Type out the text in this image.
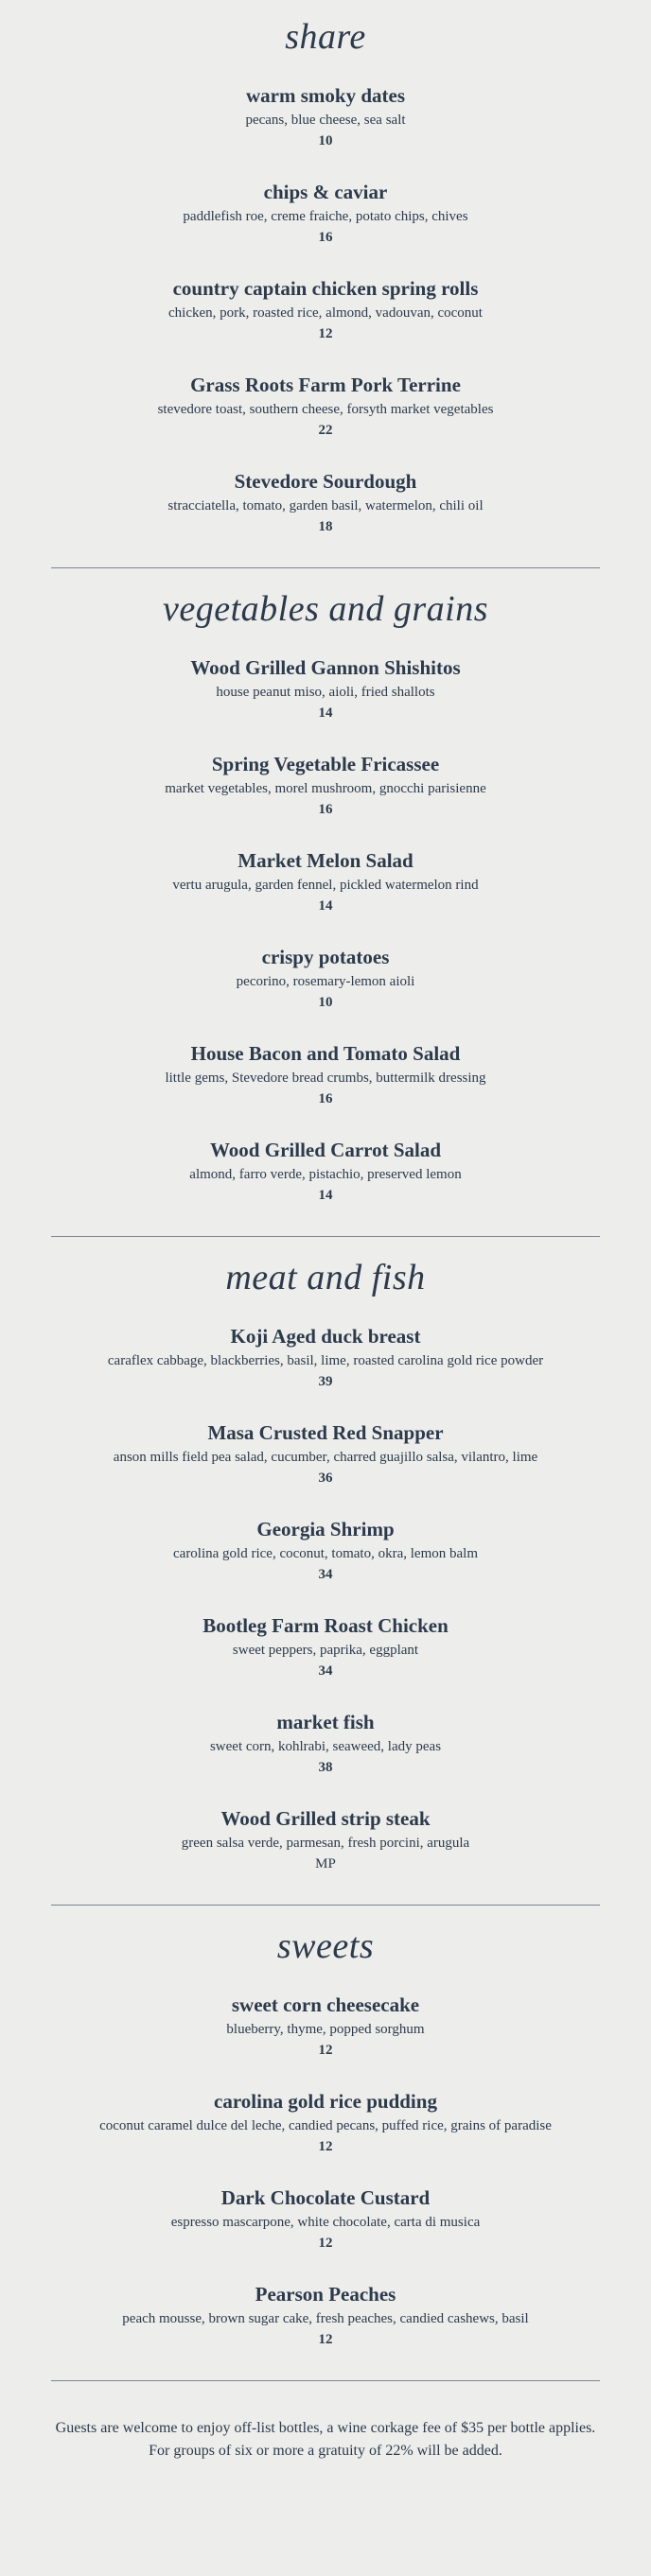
share

warm smoky dates

pecans, blue cheese, sea salt

10

chips & caviar

paddlefish roe, creme fraiche, potato chips, chives

16

country captain chicken spring rolls

chicken, pork, roasted rice, almond, vadouvan, coconut

12

Grass Roots Farm Pork Terrine

stevedore toast, southern cheese, forsyth market vegetables

22

Stevedore Sourdough

stracciatella, tomato, garden basil, watermelon, chili oil

18

vegetables and grains

Wood Grilled Gannon Shishitos

house peanut miso, aioli, fried shallots

14

Spring Vegetable Fricassee

market vegetables, morel mushroom, gnocchi parisienne

16

Market Melon Salad

vertu arugula, garden fennel, pickled watermelon rind

14

crispy potatoes

pecorino, rosemary-lemon aioli

10

House Bacon and Tomato Salad

little gems, Stevedore bread crumbs, buttermilk dressing

16

Wood Grilled Carrot Salad

almond, farro verde, pistachio, preserved lemon

14

meat and fish

Koji Aged duck breast

caraflex cabbage, blackberries, basil, lime, roasted carolina gold rice powder

39

Masa Crusted Red Snapper

anson mills field pea salad, cucumber, charred guajillo salsa, vilantro, lime

36

Georgia Shrimp

carolina gold rice, coconut, tomato, okra, lemon balm

34

Bootleg Farm Roast Chicken

sweet peppers, paprika, eggplant

34

market fish

sweet corn, kohlrabi, seaweed, lady peas

38

Wood Grilled strip steak

green salsa verde, parmesan, fresh porcini, arugula

MP

sweets

sweet corn cheesecake

blueberry, thyme, popped sorghum

12

carolina gold rice pudding

coconut caramel dulce del leche, candied pecans, puffed rice, grains of paradise

12

Dark Chocolate Custard

espresso mascarpone, white chocolate, carta di musica

12

Pearson Peaches

peach mousse, brown sugar cake, fresh peaches, candied cashews, basil

12

Guests are welcome to enjoy off-list bottles, a wine corkage fee of $35 per bottle applies.

For groups of six or more a gratuity of 22% will be added.
